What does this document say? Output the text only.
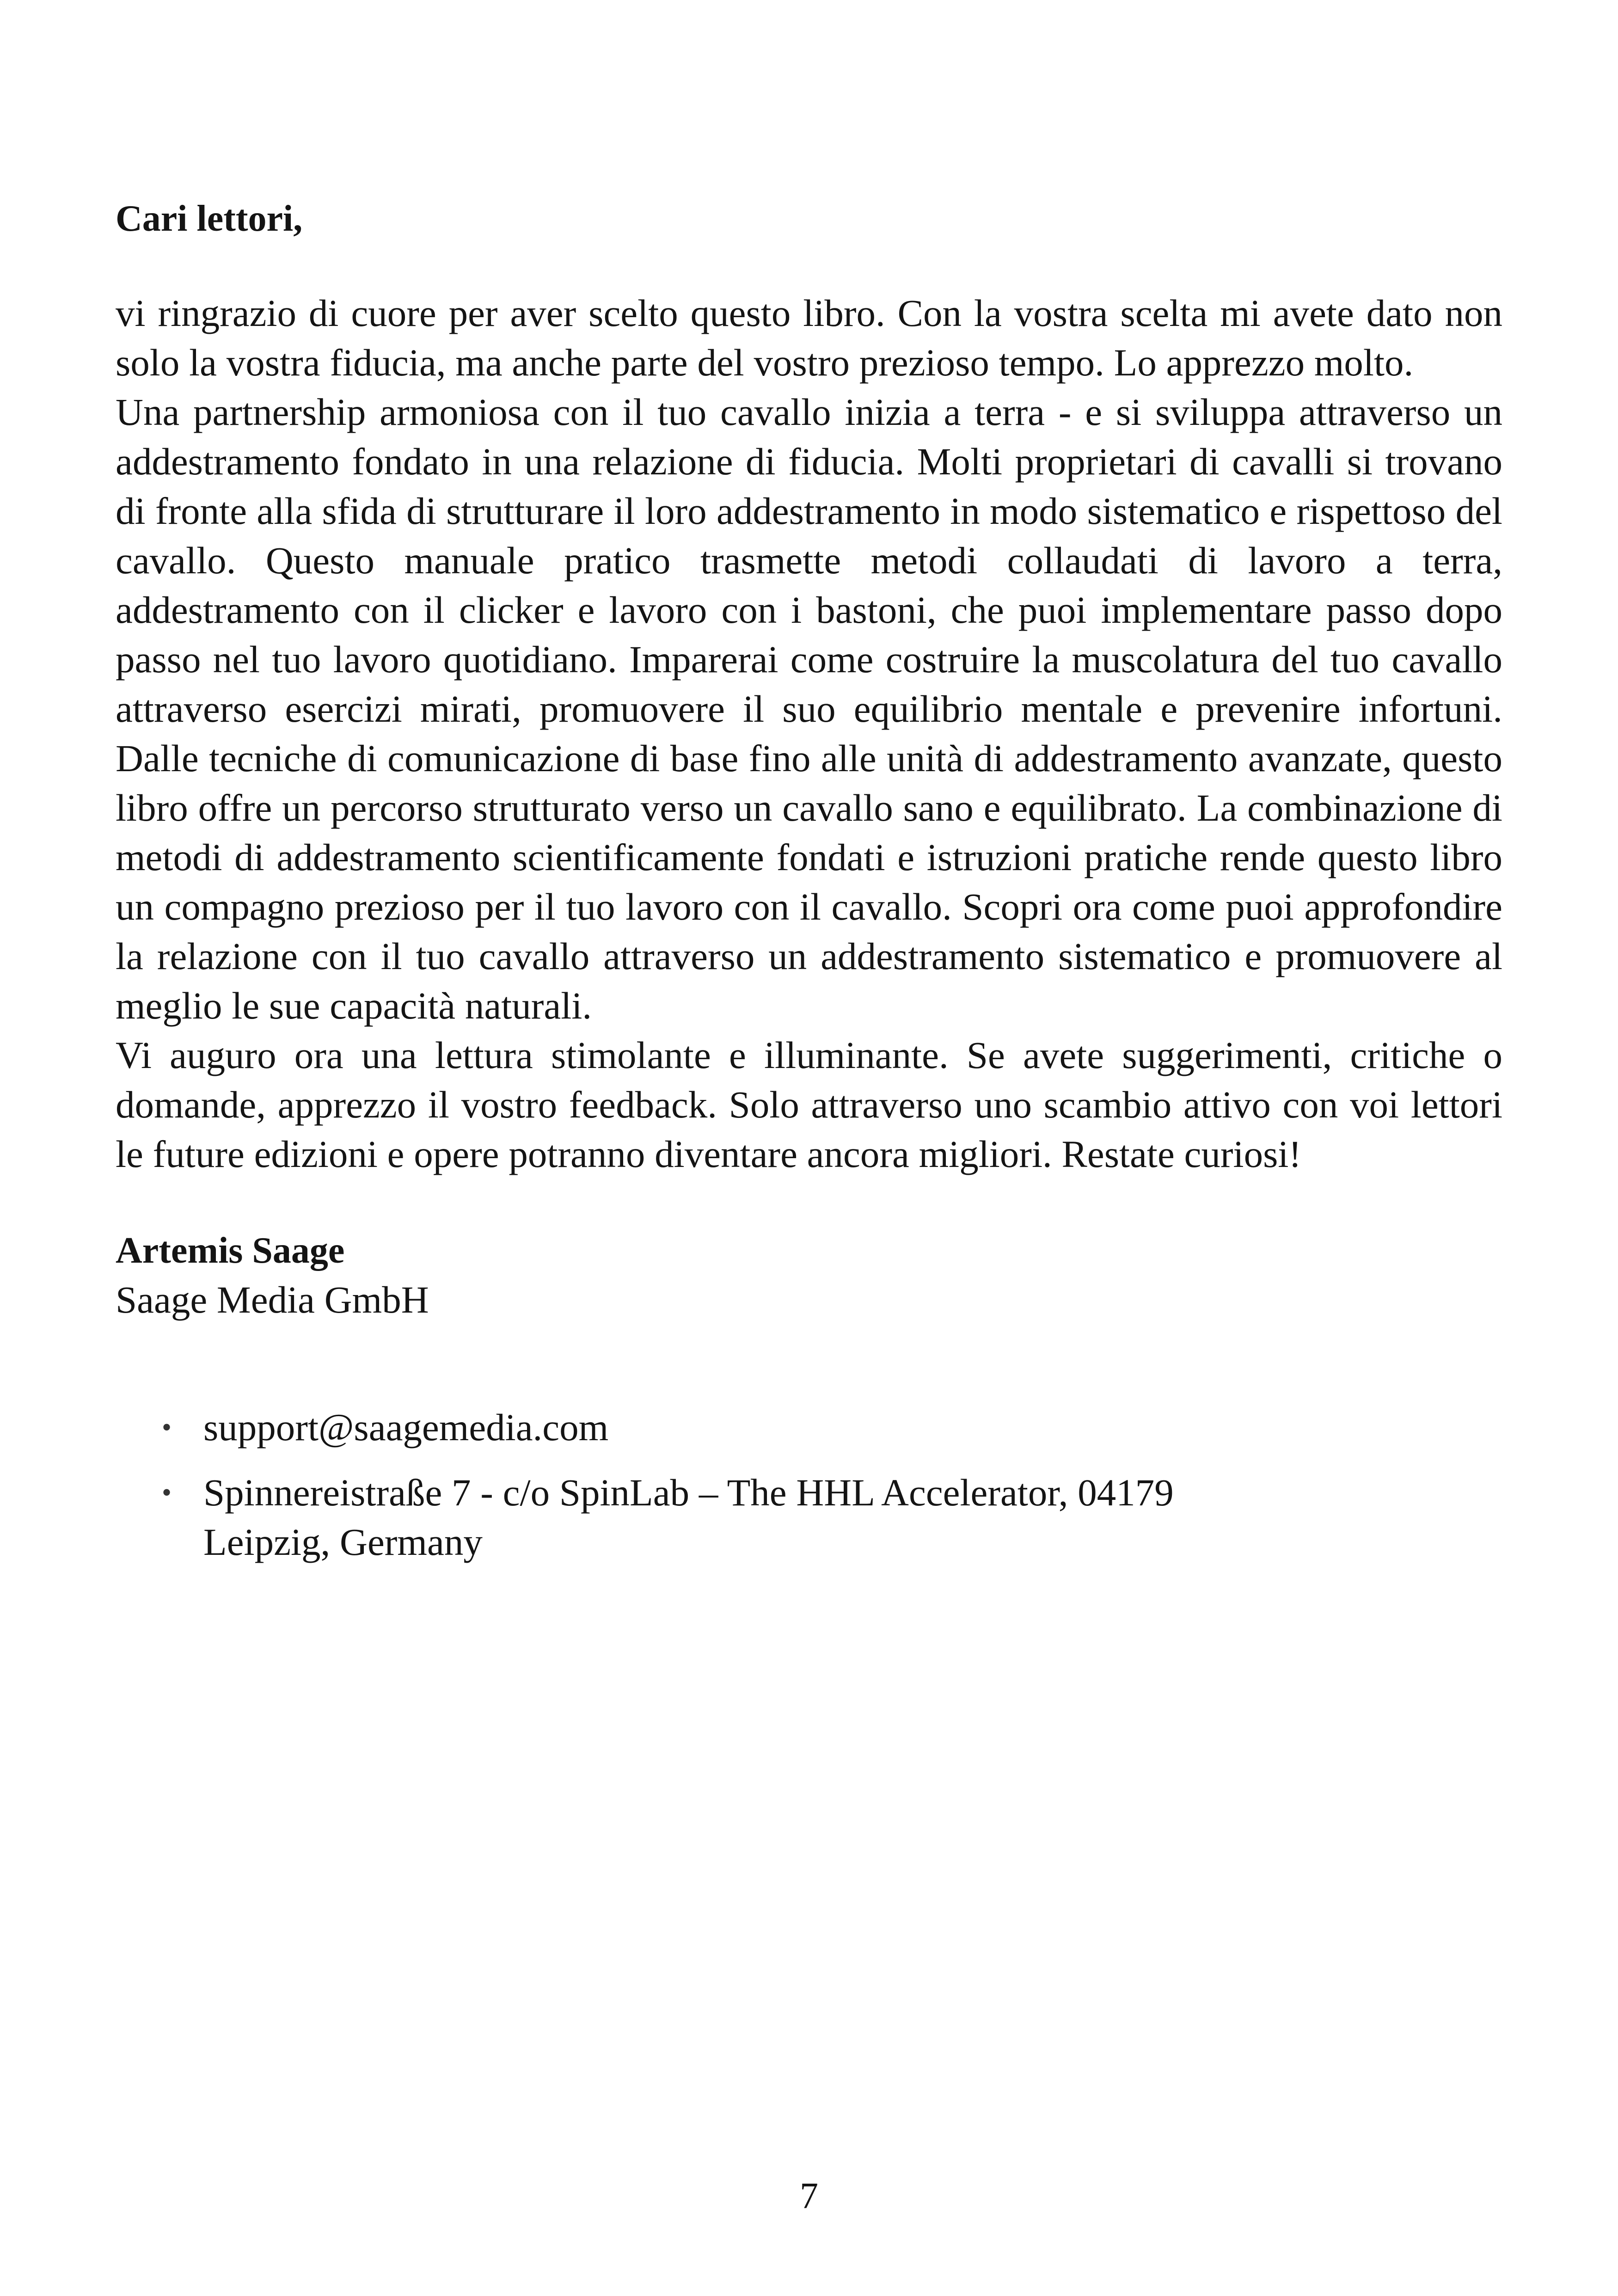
Cari lettori,

vi ringrazio di cuore per aver scelto questo libro. Con la vostra scelta mi avete dato non solo la vostra fiducia, ma anche parte del vostro prezioso tempo. Lo apprezzo molto.

Una partnership armoniosa con il tuo cavallo inizia a terra - e si sviluppa attraverso un addestramento fondato in una relazione di fiducia. Molti proprietari di cavalli si trovano di fronte alla sfida di strutturare il loro addestramento in modo sistematico e rispettoso del cavallo. Questo manuale pratico trasmette metodi collaudati di lavoro a terra, addestramento con il clicker e lavoro con i bastoni, che puoi implementare passo dopo passo nel tuo lavoro quotidiano. Imparerai come costruire la muscolatura del tuo cavallo attraverso esercizi mirati, promuovere il suo equilibrio mentale e prevenire infortuni. Dalle tecniche di comunicazione di base fino alle unità di addestramento avanzate, questo libro offre un percorso strutturato verso un cavallo sano e equilibrato. La combinazione di metodi di addestramento scientificamente fondati e istruzioni pratiche rende questo libro un compagno prezioso per il tuo lavoro con il cavallo. Scopri ora come puoi approfondire la relazione con il tuo cavallo attraverso un addestramento sistematico e promuovere al meglio le sue capacità naturali.

Vi auguro ora una lettura stimolante e illuminante. Se avete suggerimenti, critiche o domande, apprezzo il vostro feedback. Solo attraverso uno scambio attivo con voi lettori le future edizioni e opere potranno diventare ancora migliori. Restate curiosi!

Artemis Saage
Saage Media GmbH
• support@saagemedia.com
• Spinnereistraße 7 - c/o SpinLab – The HHL Accelerator, 04179
Leipzig, Germany
7
